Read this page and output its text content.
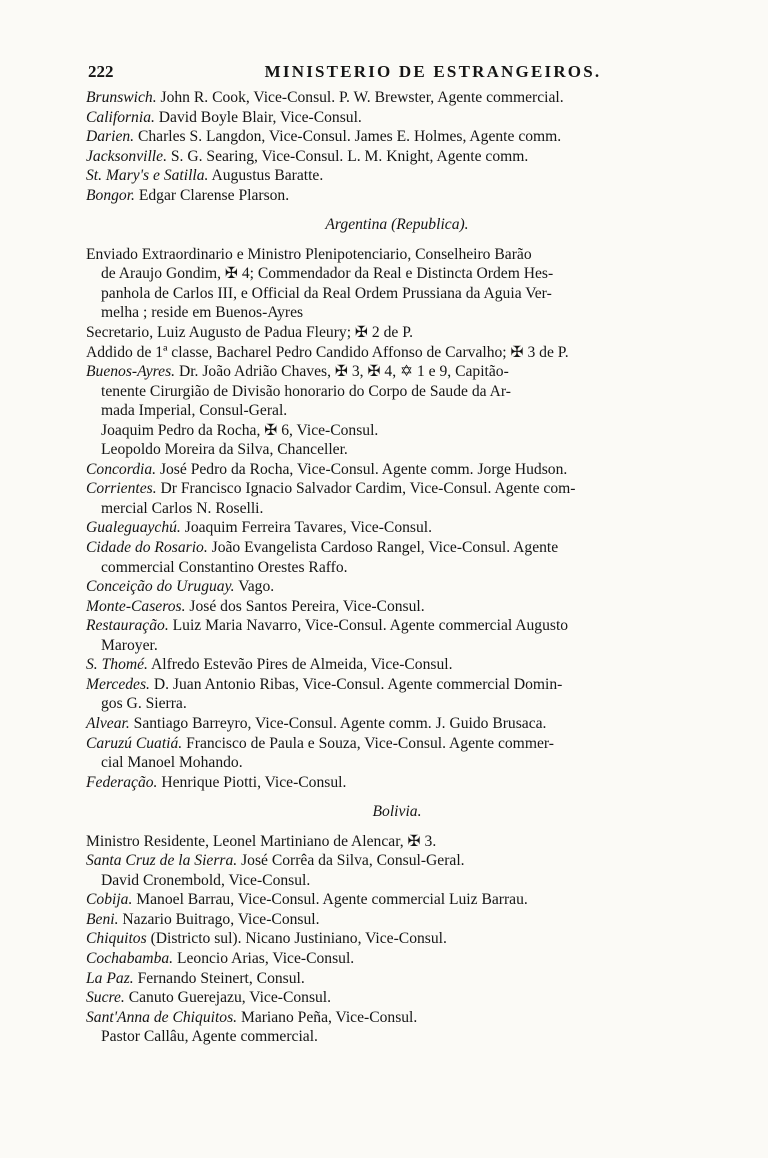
222	MINISTERIO DE ESTRANGEIROS.
Brunswich. John R. Cook, Vice-Consul. P. W. Brewster, Agente commercial.
California. David Boyle Blair, Vice-Consul.
Darien. Charles S. Langdon, Vice-Consul. James E. Holmes, Agente comm.
Jacksonville. S. G. Searing, Vice-Consul. L. M. Knight, Agente comm.
St. Mary's e Satilla. Augustus Baratte.
Bongor. Edgar Clarense Plarson.
Argentina (Republica).
Enviado Extraordinario e Ministro Plenipotenciario, Conselheiro Barão
de Araujo Gondim, ✠ 4; Commendador da Real e Distincta Ordem Hes-
panhola de Carlos III, e Official da Real Ordem Prussiana da Aguia Ver-
melha ; reside em Buenos-Ayres
Secretario, Luiz Augusto de Padua Fleury; ✠ 2 de P.
Addido de 1ª classe, Bacharel Pedro Candido Affonso de Carvalho; ✠ 3 de P.
Buenos-Ayres. Dr. João Adrião Chaves, ✠ 3, ✠ 4, ✡ 1 e 9, Capitão-
tenente Cirurgião de Divisão honorario do Corpo de Saude da Ar-
mada Imperial, Consul-Geral.
Joaquim Pedro da Rocha, ✠ 6, Vice-Consul.
Leopoldo Moreira da Silva, Chanceller.
Concordia. José Pedro da Rocha, Vice-Consul. Agente comm. Jorge Hudson.
Corrientes. Dr Francisco Ignacio Salvador Cardim, Vice-Consul. Agente com-
mercial Carlos N. Roselli.
Gualeguaychú. Joaquim Ferreira Tavares, Vice-Consul.
Cidade do Rosario. João Evangelista Cardoso Rangel, Vice-Consul. Agente
commercial Constantino Orestes Raffo.
Conceição do Uruguay. Vago.
Monte-Caseros. José dos Santos Pereira, Vice-Consul.
Restauração. Luiz Maria Navarro, Vice-Consul. Agente commercial Augusto
Maroyer.
S. Thomé. Alfredo Estevão Pires de Almeida, Vice-Consul.
Mercedes. D. Juan Antonio Ribas, Vice-Consul. Agente commercial Domin-
gos G. Sierra.
Alvear. Santiago Barreyro, Vice-Consul. Agente comm. J. Guido Brusaca.
Caruzú Cuatiá. Francisco de Paula e Souza, Vice-Consul. Agente commer-
cial Manoel Mohando.
Federação. Henrique Piotti, Vice-Consul.
Bolivia.
Ministro Residente, Leonel Martiniano de Alencar, ✠ 3.
Santa Cruz de la Sierra. José Corrêa da Silva, Consul-Geral.
David Cronembold, Vice-Consul.
Cobija. Manoel Barrau, Vice-Consul. Agente commercial Luiz Barrau.
Beni. Nazario Buitrago, Vice-Consul.
Chiquitos (Districto sul). Nicano Justiniano, Vice-Consul.
Cochabamba. Leoncio Arias, Vice-Consul.
La Paz. Fernando Steinert, Consul.
Sucre. Canuto Guerejazu, Vice-Consul.
Sant'Anna de Chiquitos. Mariano Peña, Vice-Consul.
Pastor Callâu, Agente commercial.
